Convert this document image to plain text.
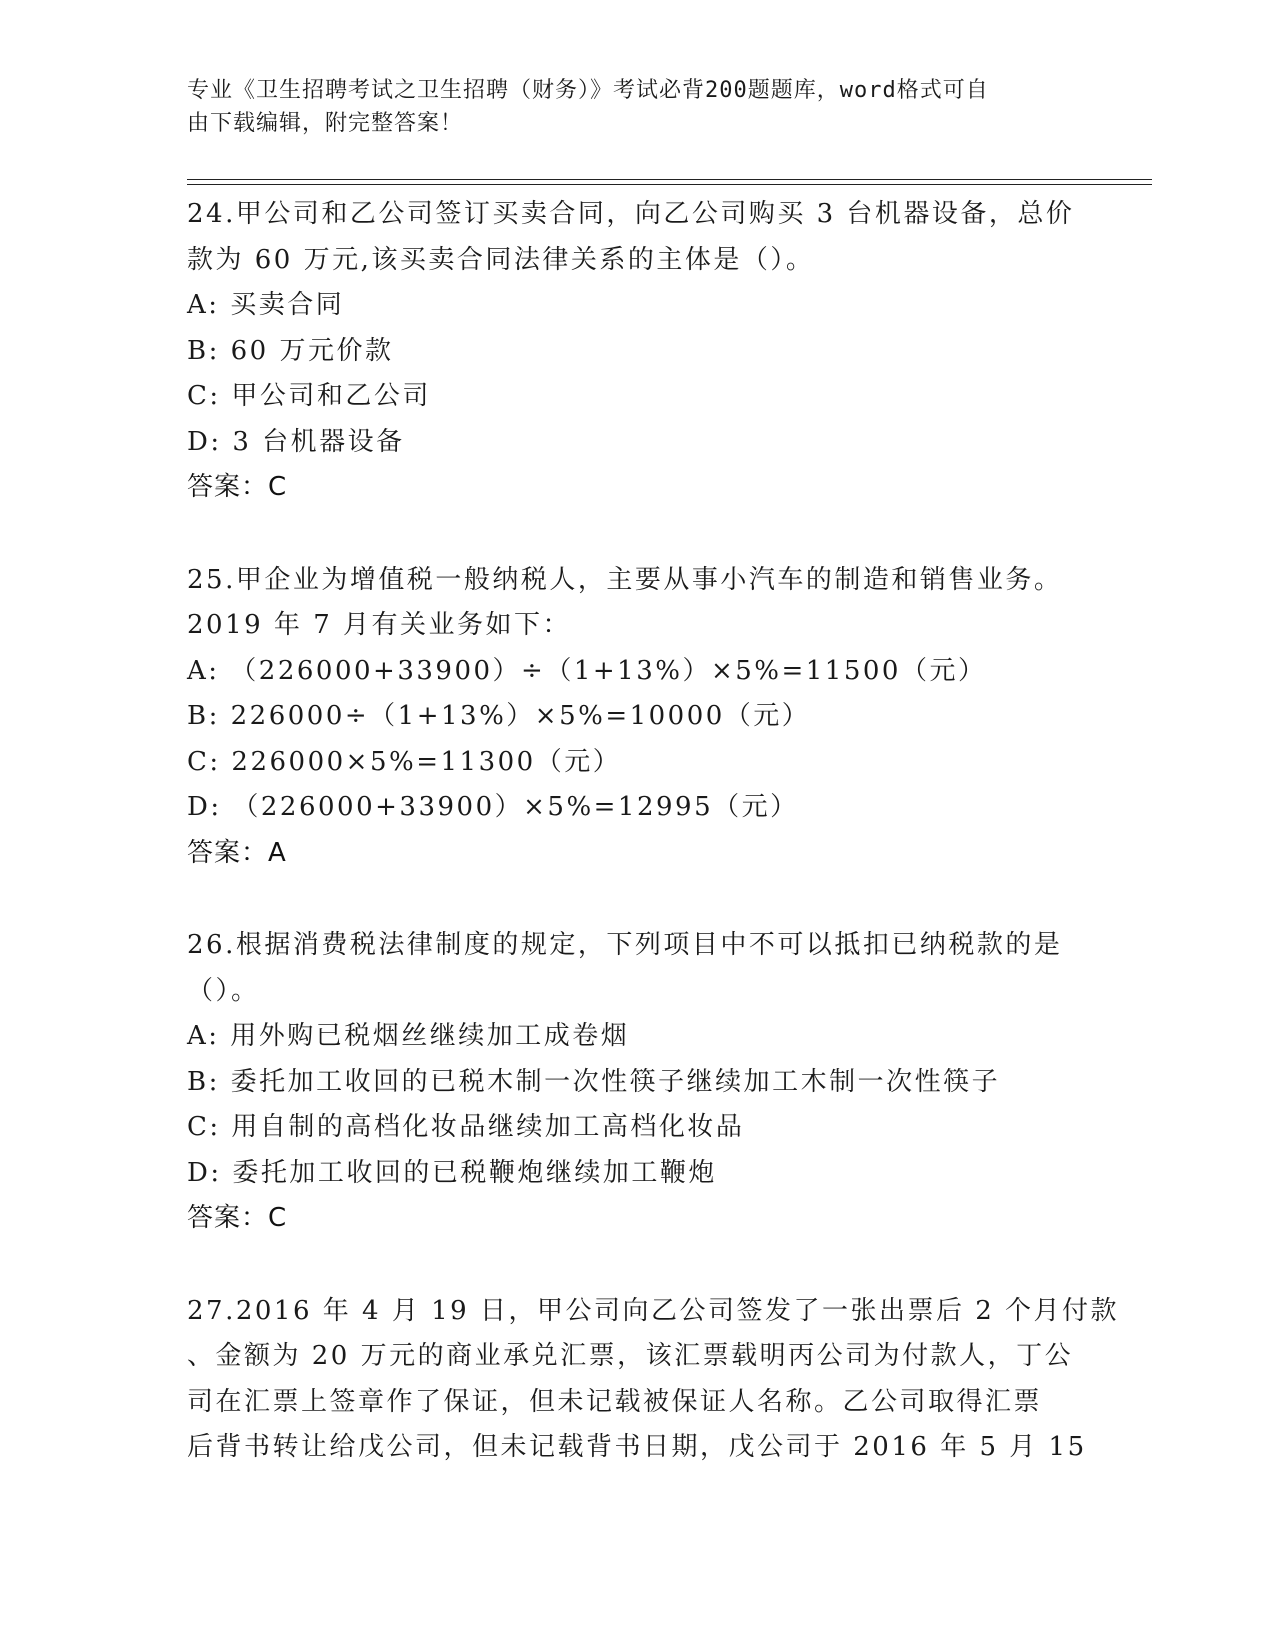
专业《卫生招聘考试之卫生招聘（财务）》考试必背200题题库，word格式可自
由下载编辑，附完整答案！
24.甲公司和乙公司签订买卖合同，向乙公司购买 3 台机器设备，总价
款为 60 万元,该买卖合同法律关系的主体是（）。
A: 买卖合同
B: 60 万元价款
C: 甲公司和乙公司
D: 3 台机器设备
答案：C
25.甲企业为增值税一般纳税人，主要从事小汽车的制造和销售业务。
2019 年 7 月有关业务如下：
A: （226000+33900）÷（1+13%）×5%=11500（元）
B: 226000÷（1+13%）×5%=10000（元）
C: 226000×5%=11300（元）
D: （226000+33900）×5%=12995（元）
答案：A
26.根据消费税法律制度的规定，下列项目中不可以抵扣已纳税款的是
（）。
A: 用外购已税烟丝继续加工成卷烟
B: 委托加工收回的已税木制一次性筷子继续加工木制一次性筷子
C: 用自制的高档化妆品继续加工高档化妆品
D: 委托加工收回的已税鞭炮继续加工鞭炮
答案：C
27.2016 年 4 月 19 日，甲公司向乙公司签发了一张出票后 2 个月付款
、金额为 20 万元的商业承兑汇票，该汇票载明丙公司为付款人，丁公
司在汇票上签章作了保证，但未记载被保证人名称。乙公司取得汇票
后背书转让给戊公司，但未记载背书日期，戊公司于 2016 年 5 月 15
